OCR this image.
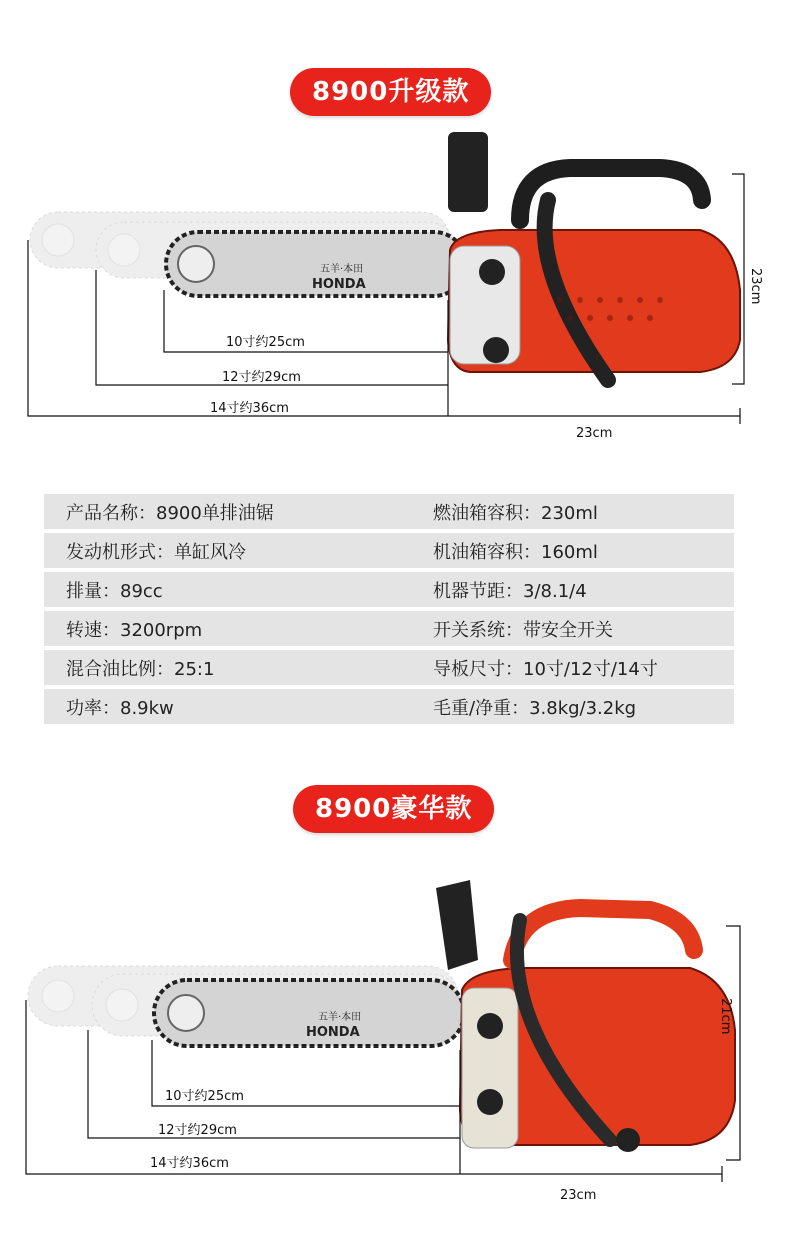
8900升级款
五羊·本田
HONDA
10寸约25cm
12寸约29cm
14寸约36cm
23cm
23cm
产品名称：8900单排油锯	燃油箱容积：230ml
发动机形式：单缸风冷	机油箱容积：160ml
排量：89cc	机器节距：3/8.1/4
转速：3200rpm	开关系统：带安全开关
混合油比例：25:1	导板尺寸：10寸/12寸/14寸
功率：8.9kw	毛重/净重：3.8kg/3.2kg
8900豪华款
五羊·本田
HONDA
10寸约25cm
12寸约29cm
14寸约36cm
21cm
23cm
